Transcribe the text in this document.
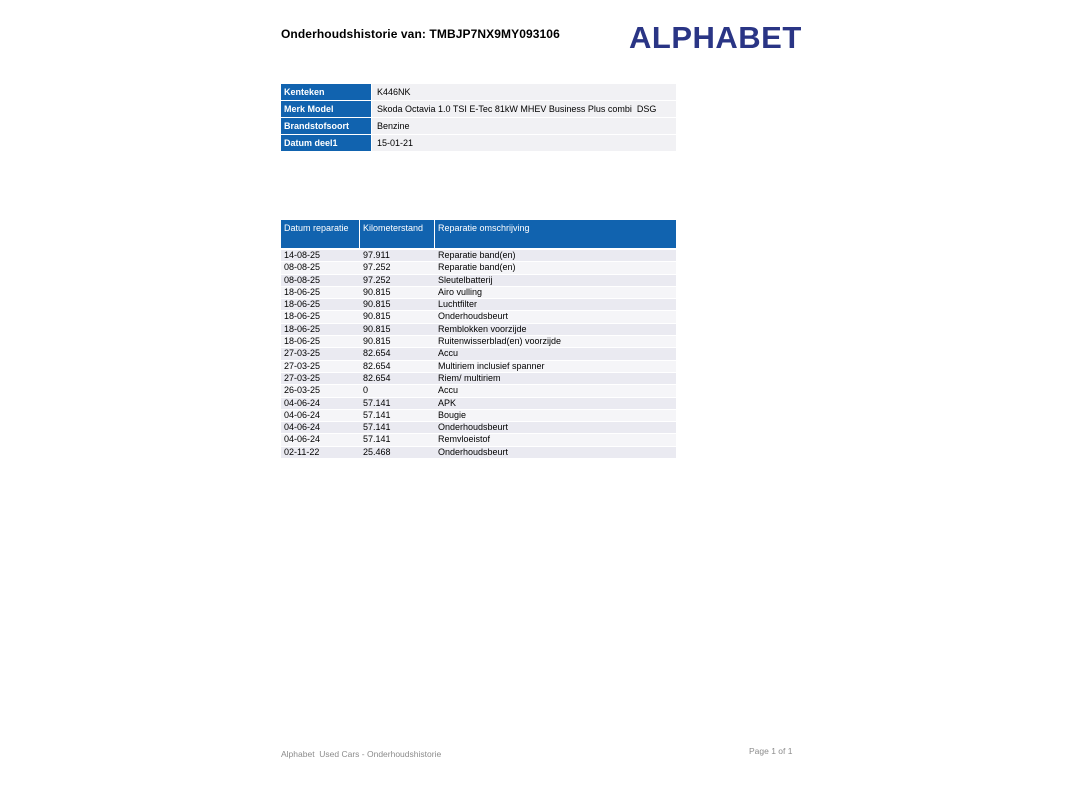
Onderhoudshistorie van: TMBJP7NX9MY093106 ALPHABET
Kenteken	K446NK
Merk Model	Skoda Octavia 1.0 TSI E-Tec 81kW MHEV Business Plus combi  DSG
Brandstofsoort	Benzine
Datum deel1	15-01-21
Datum reparatie	Kilometerstand	Reparatie omschrijving
14-08-25	97.911	Reparatie band(en)
08-08-25	97.252	Reparatie band(en)
08-08-25	97.252	Sleutelbatterij
18-06-25	90.815	Airo vulling
18-06-25	90.815	Luchtfilter
18-06-25	90.815	Onderhoudsbeurt
18-06-25	90.815	Remblokken voorzijde
18-06-25	90.815	Ruitenwisserblad(en) voorzijde
27-03-25	82.654	Accu
27-03-25	82.654	Multiriem inclusief spanner
27-03-25	82.654	Riem/ multiriem
26-03-25	0	Accu
04-06-24	57.141	APK
04-06-24	57.141	Bougie
04-06-24	57.141	Onderhoudsbeurt
04-06-24	57.141	Remvloeistof
02-11-22	25.468	Onderhoudsbeurt
Alphabet  Used Cars - Onderhoudshistorie	Page 1 of 1
